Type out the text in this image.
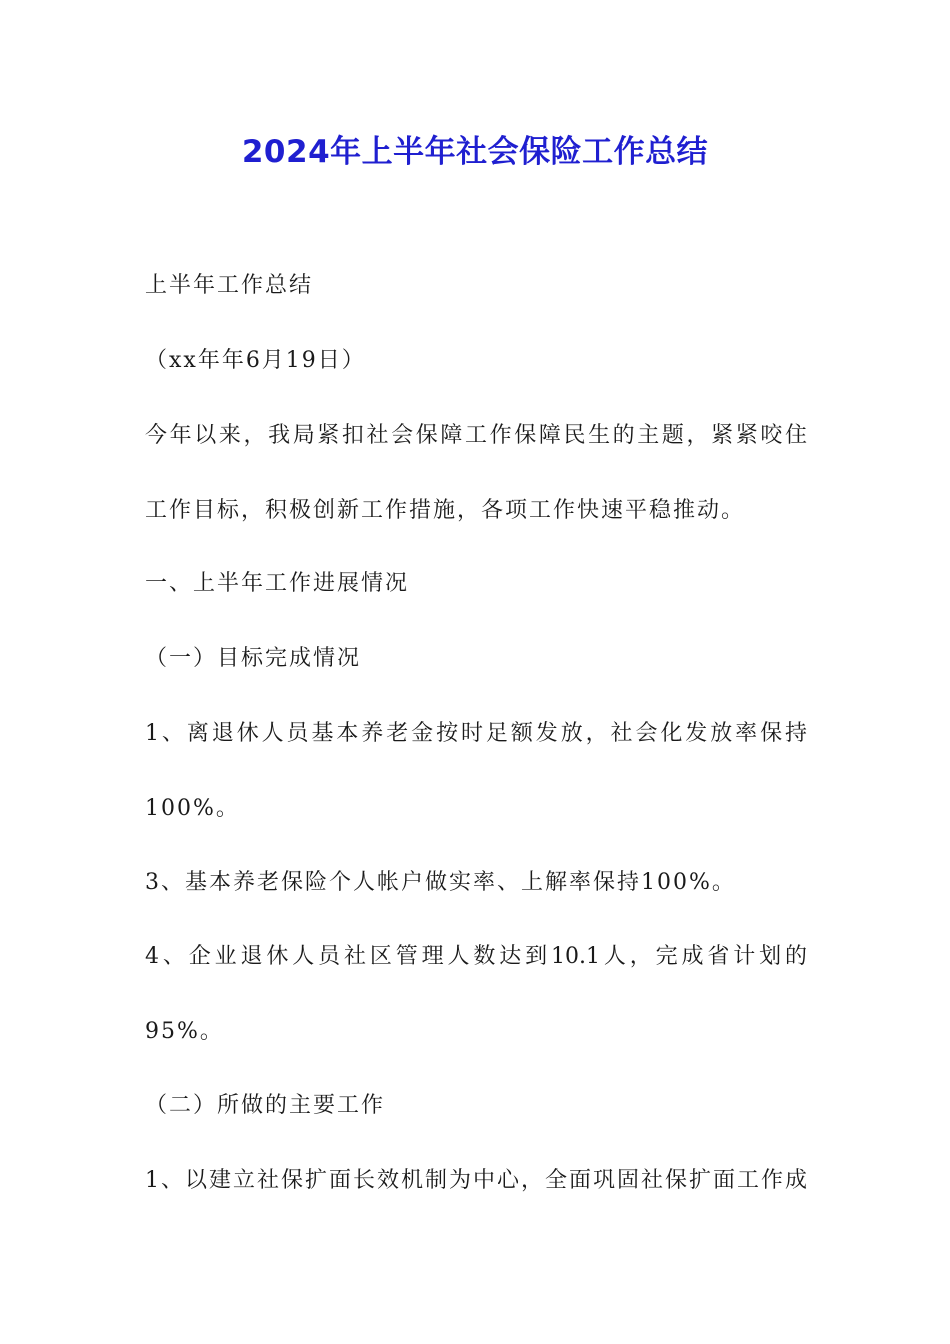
2024年上半年社会保险工作总结
上半年工作总结
（xx年年6月19日）
今年以来，我局紧扣社会保障工作保障民生的主题，紧紧咬住
工作目标，积极创新工作措施，各项工作快速平稳推动。
一、上半年工作进展情况
（一）目标完成情况
1、离退休人员基本养老金按时足额发放，社会化发放率保持
100%。
3、基本养老保险个人帐户做实率、上解率保持100%。
4、企业退休人员社区管理人数达到10.1人，完成省计划的
95%。
（二）所做的主要工作
1、以建立社保扩面长效机制为中心，全面巩固社保扩面工作成
